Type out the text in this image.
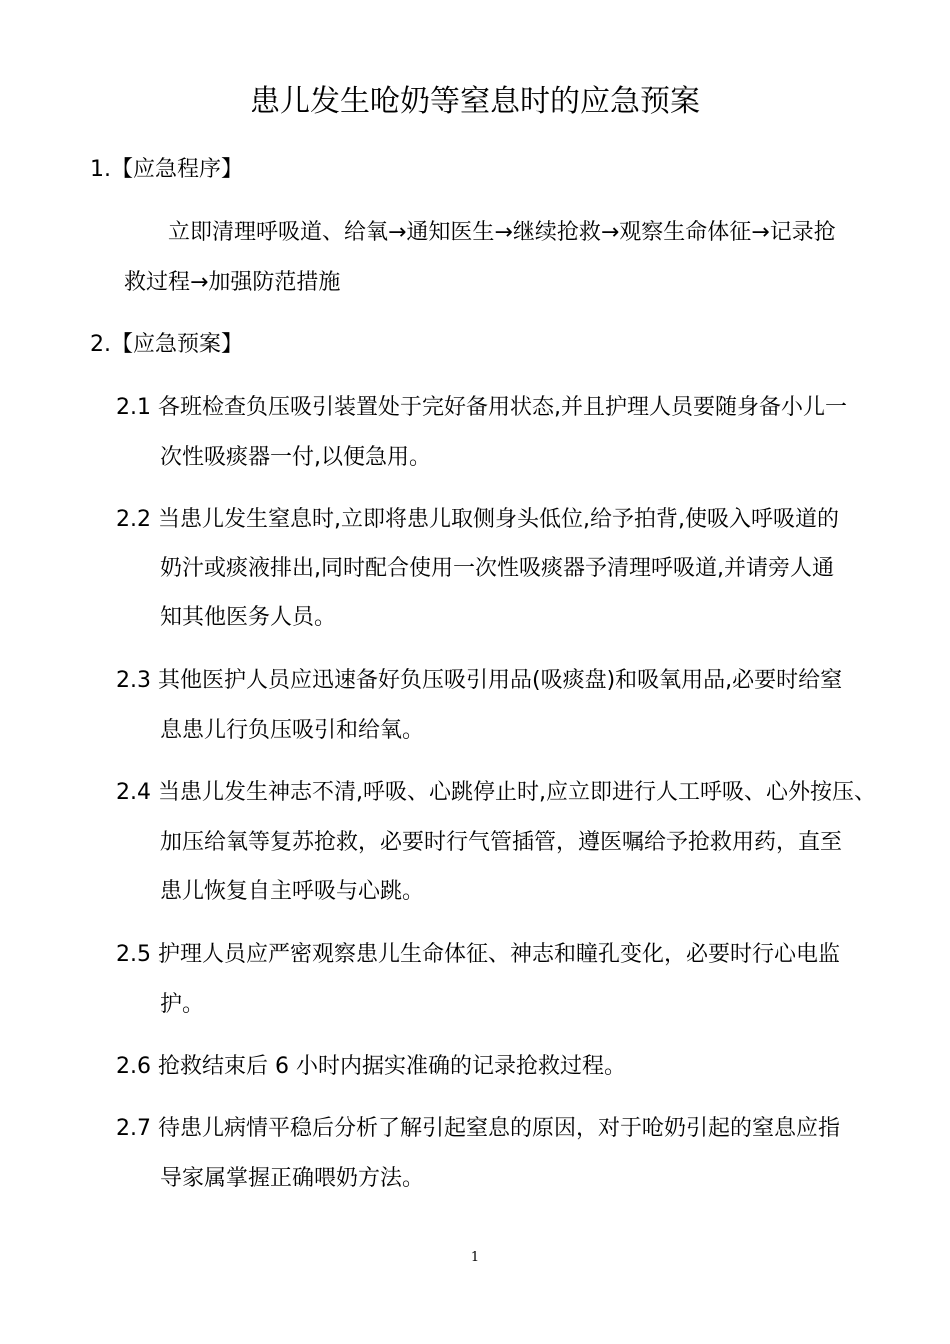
患儿发生呛奶等窒息时的应急预案
1.【应急程序】
立即清理呼吸道、给氧→通知医生→继续抢救→观察生命体征→记录抢
救过程→加强防范措施
2.【应急预案】
2.1 各班检查负压吸引装置处于完好备用状态,并且护理人员要随身备小儿一
次性吸痰器一付,以便急用。
2.2 当患儿发生窒息时,立即将患儿取侧身头低位,给予拍背,使吸入呼吸道的
奶汁或痰液排出,同时配合使用一次性吸痰器予清理呼吸道,并请旁人通
知其他医务人员。
2.3 其他医护人员应迅速备好负压吸引用品(吸痰盘)和吸氧用品,必要时给窒
息患儿行负压吸引和给氧。
2.4 当患儿发生神志不清,呼吸、心跳停止时,应立即进行人工呼吸、心外按压、
加压给氧等复苏抢救，必要时行气管插管，遵医嘱给予抢救用药，直至
患儿恢复自主呼吸与心跳。
2.5 护理人员应严密观察患儿生命体征、神志和瞳孔变化，必要时行心电监
护。
2.6 抢救结束后 6 小时内据实准确的记录抢救过程。
2.7 待患儿病情平稳后分析了解引起窒息的原因，对于呛奶引起的窒息应指
导家属掌握正确喂奶方法。
1
